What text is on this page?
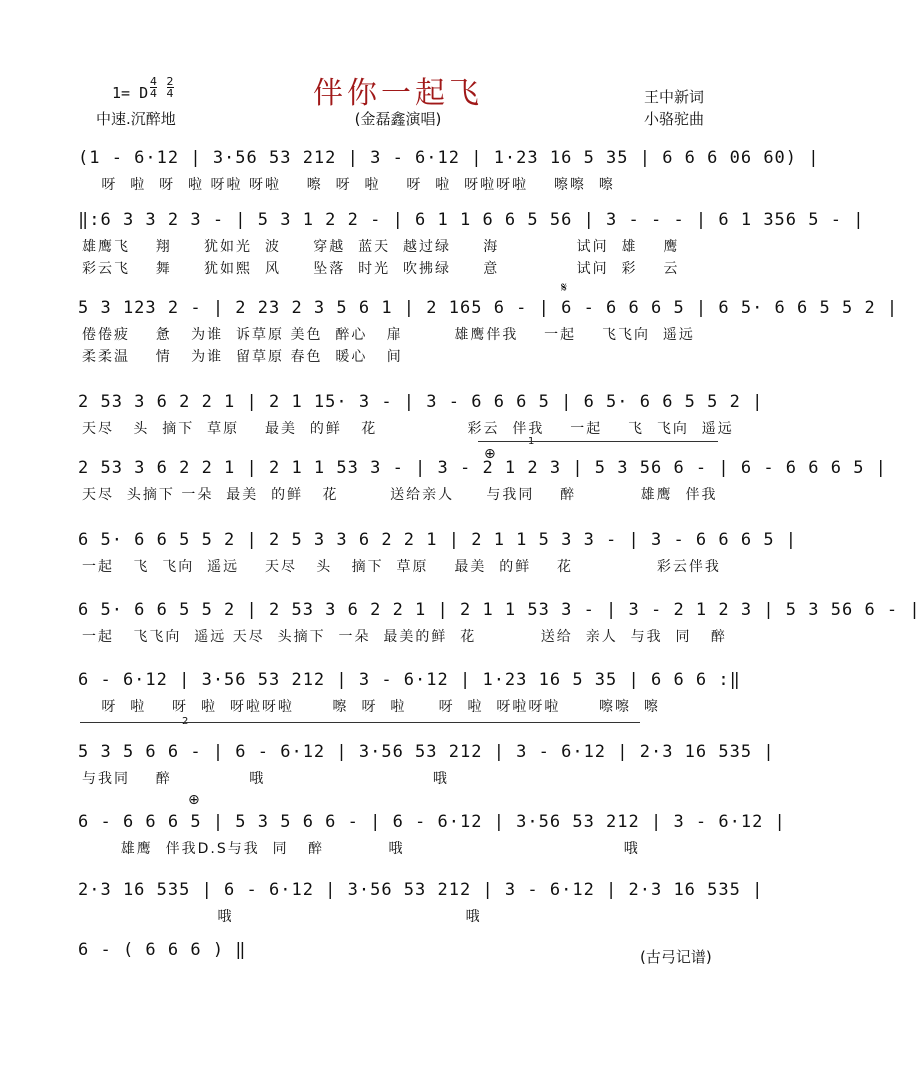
伴你一起飞
(金磊鑫演唱)
1= D $\frac{4}{4}$
$\frac{2}{4}$
中速.沉醉地
王中新词
小骆驼曲
(1 - 6·12 | 3·56 53 212 | 3 - 6·12 | 1·23 16 5 35 | 6 6 6 06 60) |
呀  啦  呀  啦 呀啦 呀啦    嚓  呀  啦    呀  啦  呀啦呀啦    嚓嚓  嚓
‖:6 3 3 2 3 - | 5 3 1 2 2 - | 6 1 1 6 6 5 56 | 3 - - - | 6 1 356 5 - |
雄鹰飞    翔     犹如光  波     穿越  蓝天  越过绿     海            试问  雄    鹰
彩云飞    舞     犹如熙  风     坠落  时光  吹拂绿     意            试问  彩    云
5 3 123 2 - | 2 23 2 3 5 6 1 | 2 165 6 - | 6 - 6 6 6 5 | 6 5· 6 6 5 5 2 |
倦倦疲    惫   为谁  诉草原 美色  醉心   扉        雄鹰伴我    一起    飞飞向  遥远
柔柔温    情   为谁  留草原 春色  暖心   间
2 53 3 6 2 2 1 | 2 1 15· 3 - | 3 - 6 6 6 5 | 6 5· 6 6 5 5 2 |
天尽   头  摘下  草原    最美  的鲜   花              彩云  伴我    一起    飞  飞向  遥远
2 53 3 6 2 2 1 | 2 1 1 53 3 - | 3 - 2 1 2 3 | 5 3 56 6 - | 6 - 6 6 6 5 |
天尽  头摘下 一朵  最美  的鲜   花        送给亲人     与我同    醉          雄鹰  伴我
6 5· 6 6 5 5 2 | 2 5 3 3 6 2 2 1 | 2 1 1 5 3 3 - | 3 - 6 6 6 5 |
一起   飞  飞向  遥远    天尽   头   摘下  草原    最美  的鲜    花             彩云伴我
6 5· 6 6 5 5 2 | 2 53 3 6 2 2 1 | 2 1 1 53 3 - | 3 - 2 1 2 3 | 5 3 56 6 - |
一起   飞飞向  遥远 天尽  头摘下  一朵  最美的鲜  花          送给  亲人  与我  同   醉
6 - 6·12 | 3·56 53 212 | 3 - 6·12 | 1·23 16 5 35 | 6 6 6 :‖
呀  啦    呀  啦  呀啦呀啦      嚓  呀  啦     呀  啦  呀啦呀啦      嚓嚓  嚓
5 3 5 6 6 - | 6 - 6·12 | 3·56 53 212 | 3 - 6·12 | 2·3 16 535 |
与我同    醉            哦                          哦
6 - 6 6 6 5 | 5 3 5 6 6 - | 6 - 6·12 | 3·56 53 212 | 3 - 6·12 |
雄鹰  伴我D.S与我  同   醉          哦                                  哦
2·3 16 535 | 6 - 6·12 | 3·56 53 212 | 3 - 6·12 | 2·3 16 535 |
哦                                    哦
6 - ( 6 6 6 ) ‖
𝄋
⊕
⊕
(古弓记谱)
